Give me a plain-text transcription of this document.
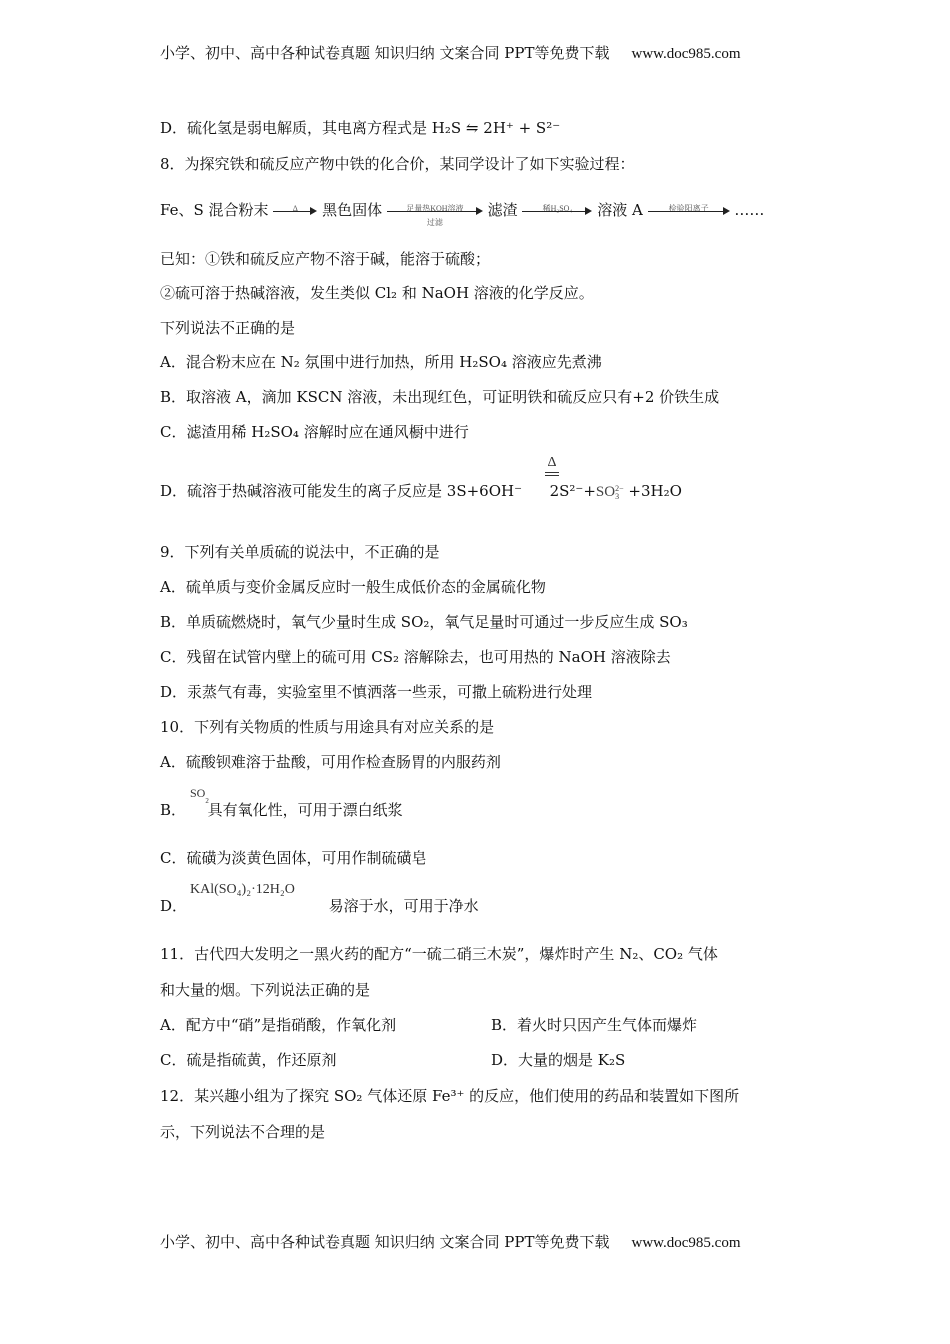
小学、初中、高中各种试卷真题 知识归纳 文案合同 PPT等免费下载 www.doc985.com
D．硫化氢是弱电解质，其电离方程式是 H₂S ⇋ 2H⁺ + S²⁻
8．为探究铁和硫反应产物中铁的化合价，某同学设计了如下实验过程：
Fe、S 混合粉末	Δ	黑色固体	足量热KOH溶液
过滤
滤渣	稀H₂SO₄	溶液 A	检验阳离子	……
已知：①铁和硫反应产物不溶于碱，能溶于硫酸；
②硫可溶于热碱溶液，发生类似 Cl₂ 和 NaOH 溶液的化学反应。
下列说法不正确的是
A．混合粉末应在 N₂ 氛围中进行加热，所用 H₂SO₄ 溶液应先煮沸
B．取溶液 A，滴加 KSCN 溶液，未出现红色，可证明铁和硫反应只有+2 价铁生成
C．滤渣用稀 H₂SO₄ 溶解时应在通风橱中进行
D．硫溶于热碱溶液可能发生的离子反应是 3S+6OH⁻ 2S²⁻+SO 2−
3 +3H₂O
Δ
9．下列有关单质硫的说法中，不正确的是
A．硫单质与变价金属反应时一般生成低价态的金属硫化物
B．单质硫燃烧时，氧气少量时生成 SO₂，氧气足量时可通过一步反应生成 SO₃
C．残留在试管内壁上的硫可用 CS₂ 溶解除去，也可用热的 NaOH 溶液除去
D．汞蒸气有毒，实验室里不慎洒落一些汞，可撒上硫粉进行处理
10．下列有关物质的性质与用途具有对应关系的是
A．硫酸钡难溶于盐酸，可用作检查肠胃的内服药剂
B． 具有氧化性，可用于漂白纸浆
$SO_2$
C．硫磺为淡黄色固体，可用作制硫磺皂
D．	易溶于水，可用于净水
KAl(SO₄)₂·12H₂O
11．古代四大发明之一黑火药的配方“一硫二硝三木炭”，爆炸时产生 N₂、CO₂ 气体
和大量的烟。下列说法正确的是
A．配方中“硝”是指硝酸，作氧化剂	B．着火时只因产生气体而爆炸
C．硫是指硫黄，作还原剂	D．大量的烟是 K₂S
12．某兴趣小组为了探究 SO₂ 气体还原 Fe³⁺ 的反应，他们使用的药品和装置如下图所
示，下列说法不合理的是
小学、初中、高中各种试卷真题 知识归纳 文案合同 PPT等免费下载 www.doc985.com
